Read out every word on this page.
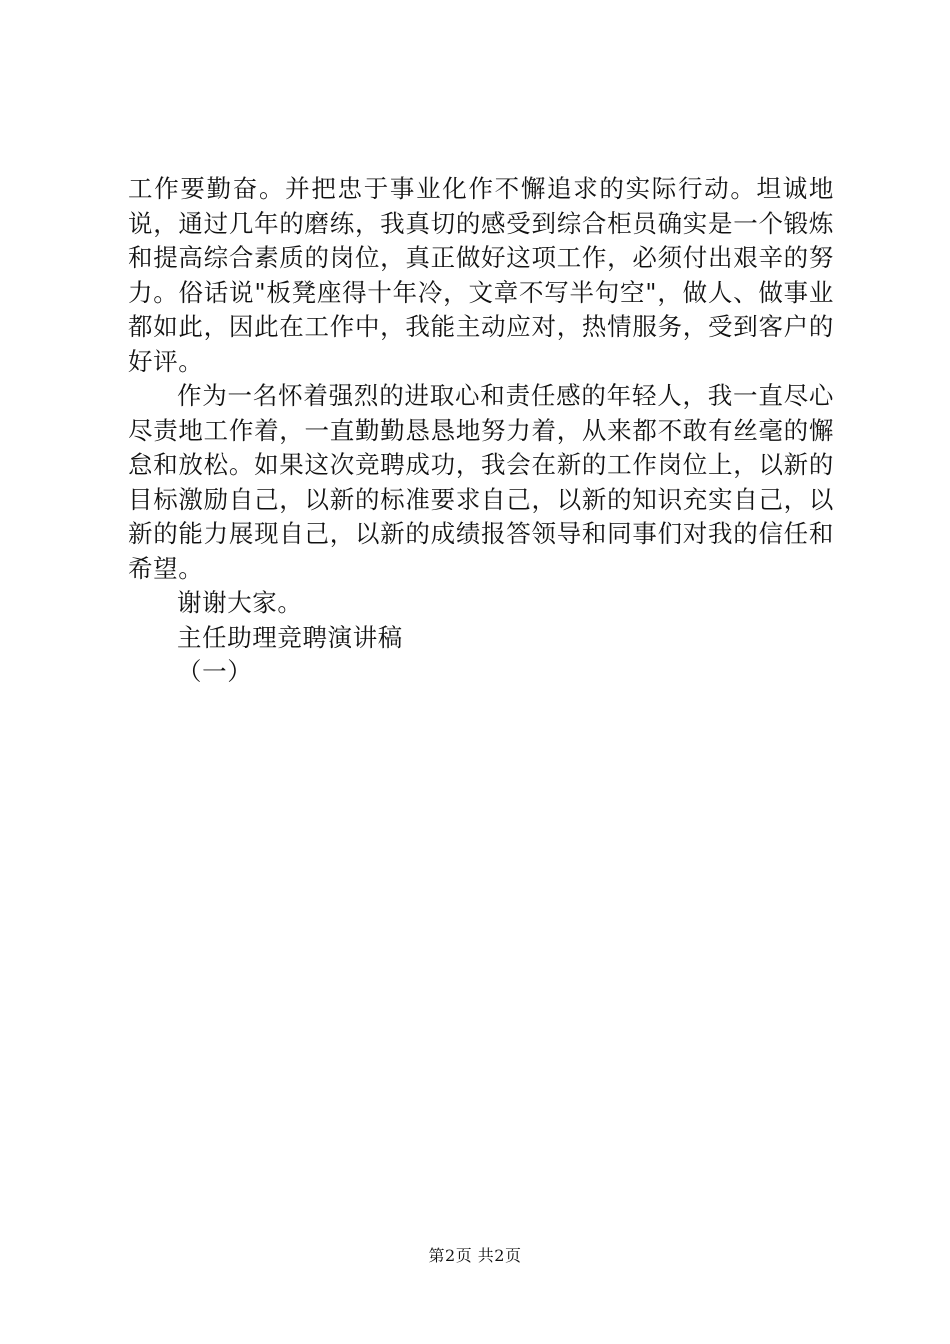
工作要勤奋。并把忠于事业化作不懈追求的实际行动。坦诚地说，通过几年的磨练，我真切的感受到综合柜员确实是一个锻炼和提高综合素质的岗位，真正做好这项工作，必须付出艰辛的努力。俗话说"板凳座得十年冷，文章不写半句空"，做人、做事业都如此，因此在工作中，我能主动应对，热情服务，受到客户的好评。

作为一名怀着强烈的进取心和责任感的年轻人，我一直尽心尽责地工作着，一直勤勤恳恳地努力着，从来都不敢有丝毫的懈怠和放松。如果这次竞聘成功，我会在新的工作岗位上，以新的目标激励自己，以新的标准要求自己，以新的知识充实自己，以新的能力展现自己，以新的成绩报答领导和同事们对我的信任和希望。

谢谢大家。

主任助理竞聘演讲稿

（一）

第2页 共2页
